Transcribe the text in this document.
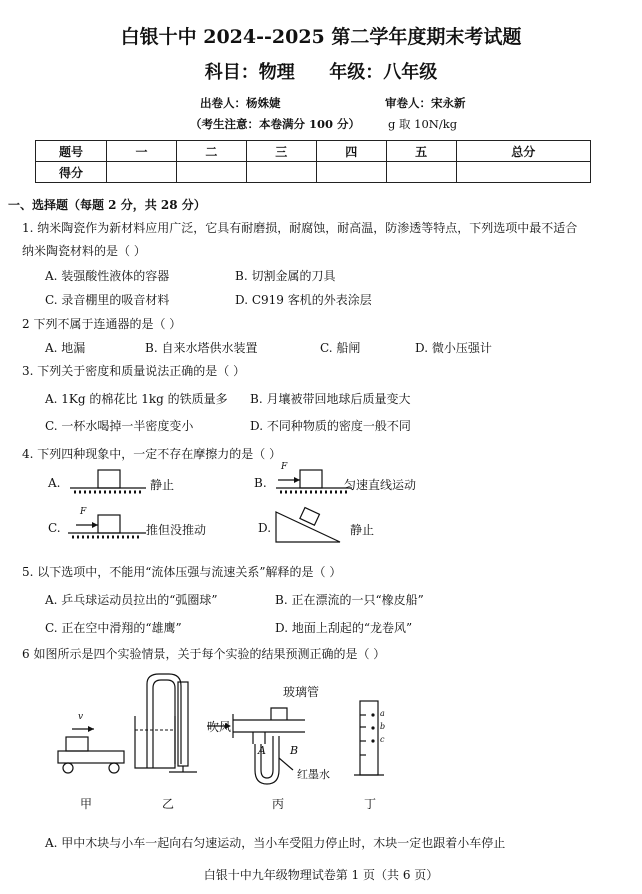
白银十中 2024--2025 第二学年度期末考试题
科目：物理 年级：八年级
出卷人：杨姝婕	审卷人：宋永新
（考生注意：本卷满分 100 分） g 取 10N/kg
题号	一	二	三	四	五	总分
得分						
一、选择题（每题 2 分，共 28 分）
1. 纳米陶瓷作为新材料应用广泛，它具有耐磨损，耐腐蚀，耐高温，防渗透等特点，下列选项中最不适合
纳米陶瓷材料的是（ ）
A. 装强酸性液体的容器	B. 切割金属的刀具
C. 录音棚里的吸音材料	D. C919 客机的外表涂层
2 下列不属于连通器的是（ ）
A. 地漏	B. 自来水塔供水装置	C. 船闸	D. 微小压强计
3. 下列关于密度和质量说法正确的是（ ）
A. 1Kg 的棉花比 1kg 的铁质量多 B. 月壤被带回地球后质量变大
C. 一杯水喝掉一半密度变小	D. 不同种物质的密度一般不同
4. 下列四种现象中，一定不存在摩擦力的是（ ）
A.	静止	B.
F
匀速直线运动
C.
F
推但没推动	D.	静止
5. 以下选项中，不能用“流体压强与流速关系”解释的是（ ）
A. 乒乓球运动员拉出的“弧圈球”	B. 正在漂流的一只“橡皮船”
C. 正在空中滑翔的“雄鹰”	D. 地面上刮起的“龙卷风”
6 如图所示是四个实验情景，关于每个实验的结果预测正确的是（ ）
v
吹风
玻璃管
A B
红墨水
a
b
c
甲	乙	丙	丁
A. 甲中木块与小车一起向右匀速运动，当小车受阻力停止时，木块一定也跟着小车停止
白银十中九年级物理试卷第 1 页（共 6 页）
